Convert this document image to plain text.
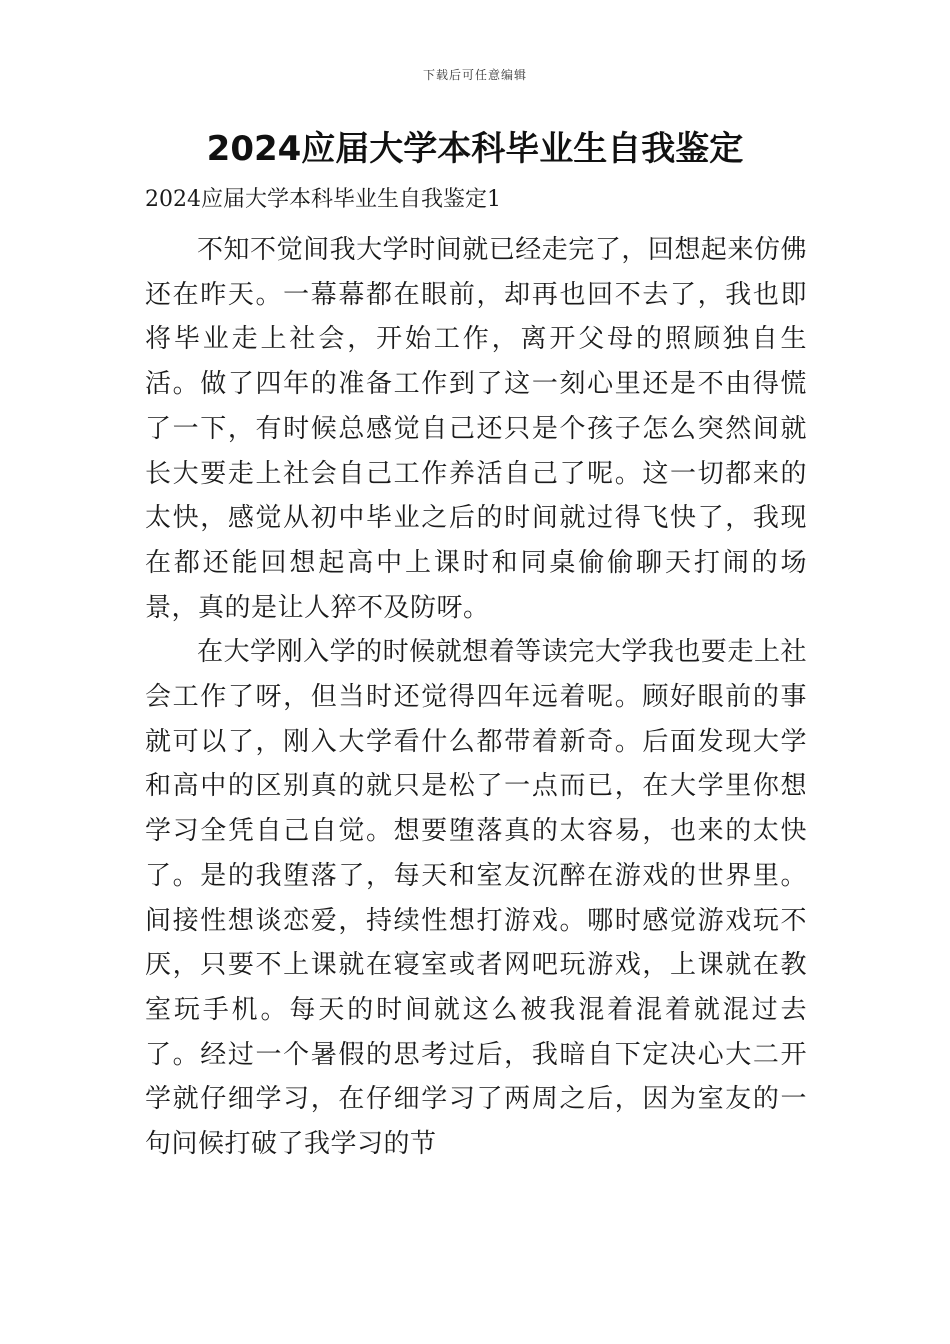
下载后可任意编辑
2024应届大学本科毕业生自我鉴定
2024应届大学本科毕业生自我鉴定1

不知不觉间我大学时间就已经走完了，回想起来仿佛还在昨天。一幕幕都在眼前，却再也回不去了，我也即将毕业走上社会，开始工作，离开父母的照顾独自生活。做了四年的准备工作到了这一刻心里还是不由得慌了一下，有时候总感觉自己还只是个孩子怎么突然间就长大要走上社会自己工作养活自己了呢。这一切都来的太快，感觉从初中毕业之后的时间就过得飞快了，我现在都还能回想起高中上课时和同桌偷偷聊天打闹的场景，真的是让人猝不及防呀。

在大学刚入学的时候就想着等读完大学我也要走上社会工作了呀，但当时还觉得四年远着呢。顾好眼前的事就可以了，刚入大学看什么都带着新奇。后面发现大学和高中的区别真的就只是松了一点而已，在大学里你想学习全凭自己自觉。想要堕落真的太容易，也来的太快了。是的我堕落了，每天和室友沉醉在游戏的世界里。间接性想谈恋爱，持续性想打游戏。哪时感觉游戏玩不厌，只要不上课就在寝室或者网吧玩游戏，上课就在教室玩手机。每天的时间就这么被我混着混着就混过去了。经过一个暑假的思考过后，我暗自下定决心大二开学就仔细学习，在仔细学习了两周之后，因为室友的一句问候打破了我学习的节
